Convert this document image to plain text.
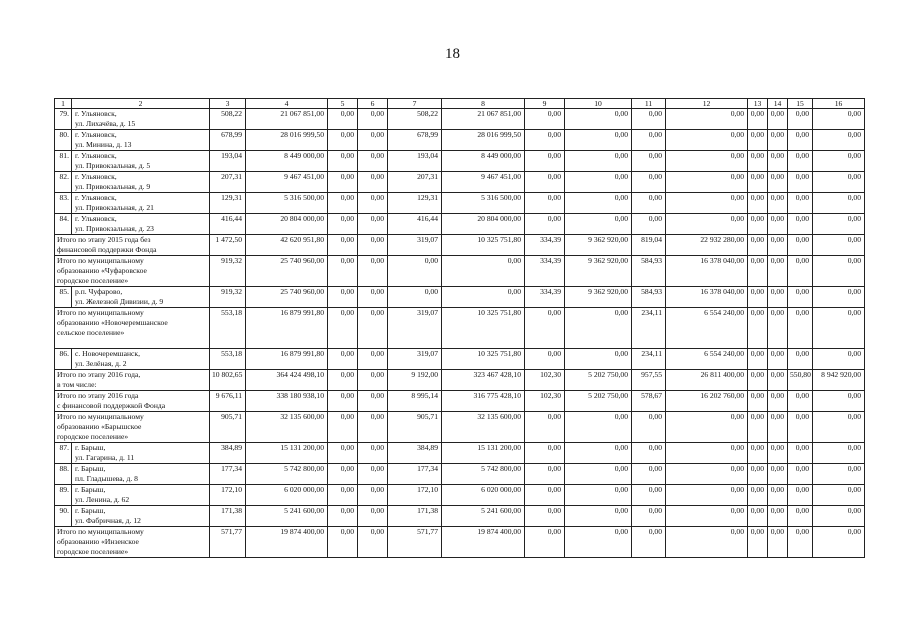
18
1	2	3	4	5	6	7	8	9	10	11	12	13	14	15	16
79.	г. Ульяновск,
ул. Лихачёва, д. 15	508,22	21 067 851,00	0,00	0,00	508,22	21 067 851,00	0,00	0,00	0,00	0,00	0,00	0,00	0,00	0,00
80.	г. Ульяновск,
ул. Минина, д. 13	678,99	28 016 999,50	0,00	0,00	678,99	28 016 999,50	0,00	0,00	0,00	0,00	0,00	0,00	0,00	0,00
81.	г. Ульяновск,
ул. Привокзальная, д. 5	193,04	8 449 000,00	0,00	0,00	193,04	8 449 000,00	0,00	0,00	0,00	0,00	0,00	0,00	0,00	0,00
82.	г. Ульяновск,
ул. Привокзальная, д. 9	207,31	9 467 451,00	0,00	0,00	207,31	9 467 451,00	0,00	0,00	0,00	0,00	0,00	0,00	0,00	0,00
83.	г. Ульяновск,
ул. Привокзальная, д. 21	129,31	5 316 500,00	0,00	0,00	129,31	5 316 500,00	0,00	0,00	0,00	0,00	0,00	0,00	0,00	0,00
84.	г. Ульяновск,
ул. Привокзальная, д. 23	416,44	20 804 000,00	0,00	0,00	416,44	20 804 000,00	0,00	0,00	0,00	0,00	0,00	0,00	0,00	0,00
Итого по этапу 2015 года без
финансовой поддержки Фонда		1 472,50	42 620 951,80	0,00	0,00	319,07	10 325 751,80	334,39	9 362 920,00	819,04	22 932 280,00	0,00	0,00	0,00	0,00
Итого по муниципальному
образованию «Чуфаровское
городское поселение»		919,32	25 740 960,00	0,00	0,00	0,00	0,00	334,39	9 362 920,00	584,93	16 378 040,00	0,00	0,00	0,00	0,00
85.	р.п. Чуфарово,
ул. Железной Дивизии, д. 9	919,32	25 740 960,00	0,00	0,00	0,00	0,00	334,39	9 362 920,00	584,93	16 378 040,00	0,00	0,00	0,00	0,00
Итого по муниципальному
образованию «Новочеремшанское
сельское поселение»		553,18	16 879 991,80	0,00	0,00	319,07	10 325 751,80	0,00	0,00	234,11	6 554 240,00	0,00	0,00	0,00	0,00
86.	с. Новочеремшанск,
ул. Зелёная, д. 2	553,18	16 879 991,80	0,00	0,00	319,07	10 325 751,80	0,00	0,00	234,11	6 554 240,00	0,00	0,00	0,00	0,00
Итого по этапу 2016 года,
в том числе:		10 802,65	364 424 498,10	0,00	0,00	9 192,00	323 467 428,10	102,30	5 202 750,00	957,55	26 811 400,00	0,00	0,00	550,80	8 942 920,00
Итого по этапу 2016 года
с финансовой поддержкой Фонда		9 676,11	338 180 938,10	0,00	0,00	8 995,14	316 775 428,10	102,30	5 202 750,00	578,67	16 202 760,00	0,00	0,00	0,00	0,00
Итого по муниципальному
образованию «Барышское
городское поселение»		905,71	32 135 600,00	0,00	0,00	905,71	32 135 600,00	0,00	0,00	0,00	0,00	0,00	0,00	0,00	0,00
87.	г. Барыш,
ул. Гагарина, д. 11	384,89	15 131 200,00	0,00	0,00	384,89	15 131 200,00	0,00	0,00	0,00	0,00	0,00	0,00	0,00	0,00
88.	г. Барыш,
пл. Гладышева, д. 8	177,34	5 742 800,00	0,00	0,00	177,34	5 742 800,00	0,00	0,00	0,00	0,00	0,00	0,00	0,00	0,00
89.	г. Барыш,
ул. Ленина, д. 62	172,10	6 020 000,00	0,00	0,00	172,10	6 020 000,00	0,00	0,00	0,00	0,00	0,00	0,00	0,00	0,00
90.	г. Барыш,
ул. Фабричная, д. 12	171,38	5 241 600,00	0,00	0,00	171,38	5 241 600,00	0,00	0,00	0,00	0,00	0,00	0,00	0,00	0,00
Итого по муниципальному
образованию «Инзенское
городское поселение»		571,77	19 874 400,00	0,00	0,00	571,77	19 874 400,00	0,00	0,00	0,00	0,00	0,00	0,00	0,00	0,00
